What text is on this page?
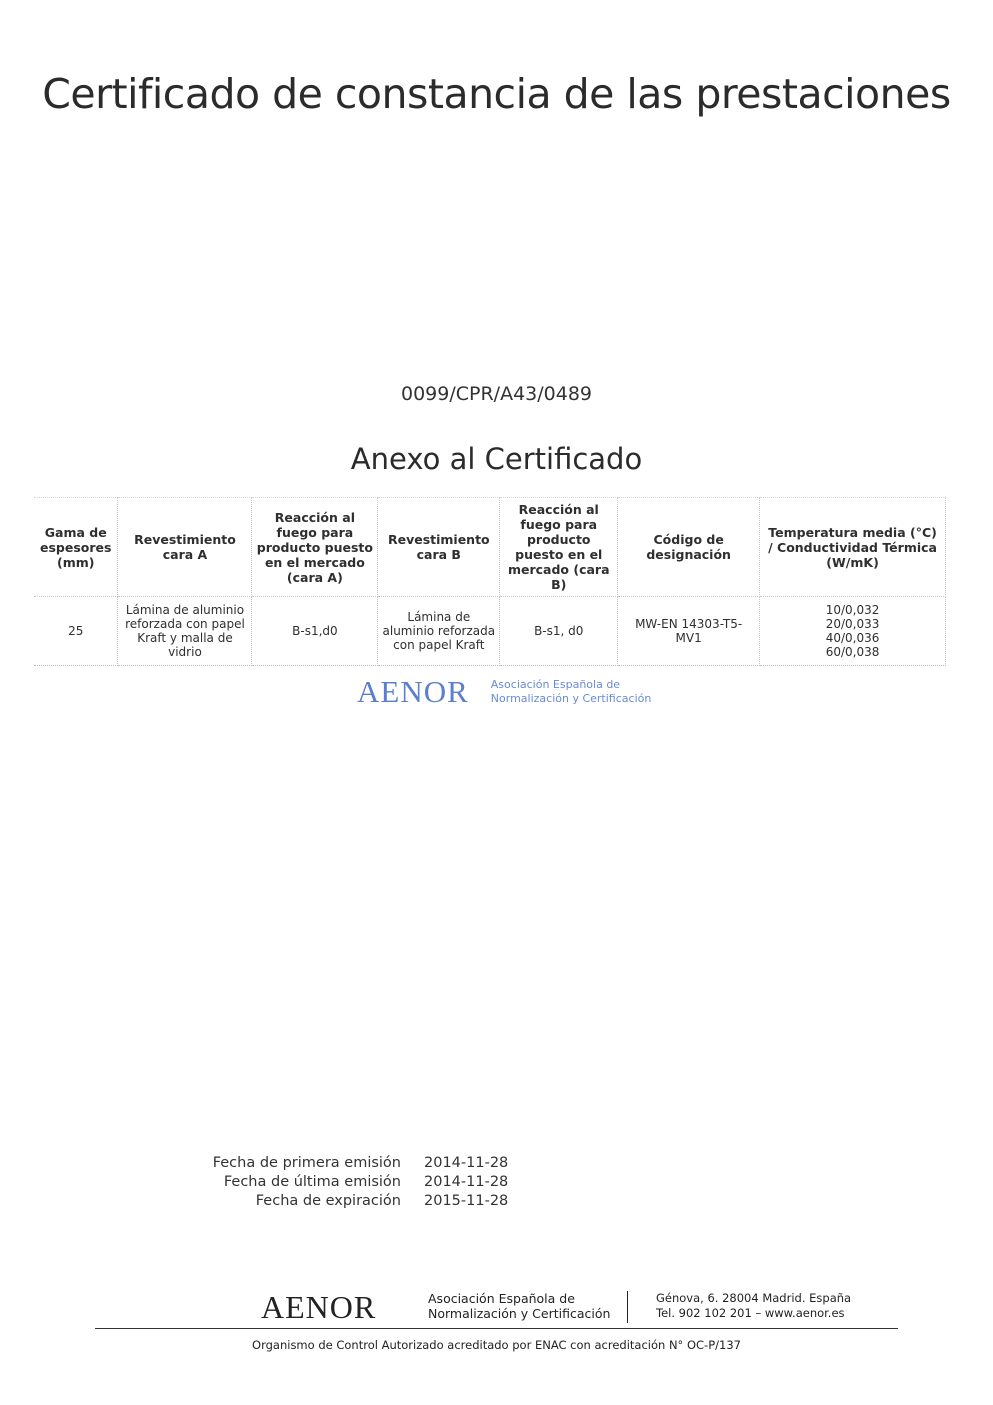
Certificado de constancia de las prestaciones
0099/CPR/A43/0489
Anexo al Certificado
Gama de espesores (mm)	Revestimiento cara A	Reacción al fuego para producto puesto en el mercado (cara A)	Revestimiento cara B	Reacción al fuego para producto puesto en el mercado (cara B)	Código de designación	Temperatura media (°C) / Conductividad Térmica (W/mK)
25	Lámina de aluminio reforzada con papel Kraft y malla de vidrio	B-s1,d0	Lámina de aluminio reforzada con papel Kraft	B-s1, d0	MW-EN 14303-T5-MV1	10/0,032
20/0,033
40/0,036
60/0,038
AENOR Asociación Española de
Normalización y Certificación
Fecha de primera emisión 2014-11-28
Fecha de última emisión 2014-11-28
Fecha de expiración 2015-11-28
AENOR	Asociación Española de
Normalización y Certificación
Génova, 6. 28004 Madrid. España
Tel. 902 102 201 – www.aenor.es
Organismo de Control Autorizado acreditado por ENAC con acreditación N° OC-P/137
